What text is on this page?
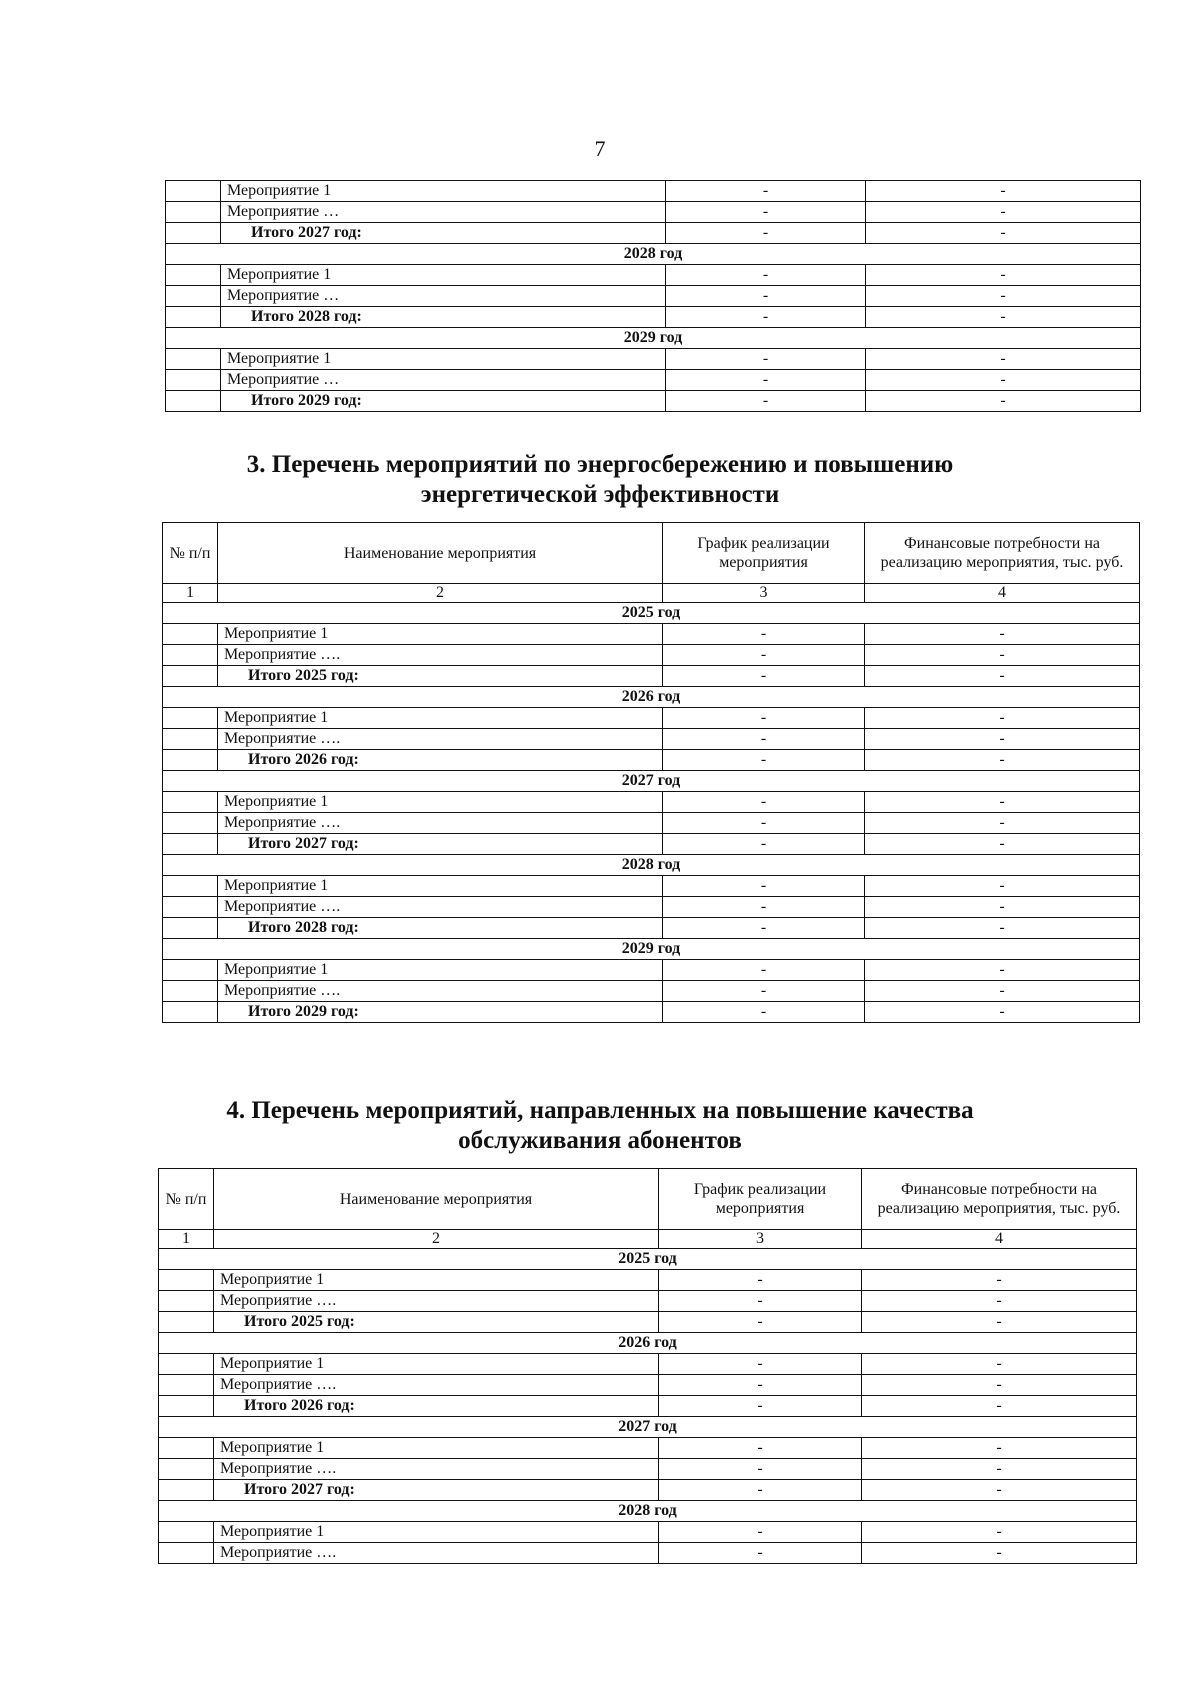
7
	Мероприятие 1	-	-
	Мероприятие …	-	-
	Итого 2027 год:	-	-
2028 год			
	Мероприятие 1	-	-
	Мероприятие …	-	-
	Итого 2028 год:	-	-
2029 год			
	Мероприятие 1	-	-
	Мероприятие …	-	-
	Итого 2029 год:	-	-
3. Перечень мероприятий по энергосбережению и повышению
энергетической эффективности
№ п/п	Наименование мероприятия	График реализации мероприятия	Финансовые потребности на реализацию мероприятия, тыс. руб.
1	2	3	4
2025 год			
	Мероприятие 1	-	-
	Мероприятие ….	-	-
	Итого 2025 год:	-	-
2026 год			
	Мероприятие 1	-	-
	Мероприятие ….	-	-
	Итого 2026 год:	-	-
2027 год			
	Мероприятие 1	-	-
	Мероприятие ….	-	-
	Итого 2027 год:	-	-
2028 год			
	Мероприятие 1	-	-
	Мероприятие ….	-	-
	Итого 2028 год:	-	-
2029 год			
	Мероприятие 1	-	-
	Мероприятие ….	-	-
	Итого 2029 год:	-	-
4. Перечень мероприятий, направленных на повышение качества
обслуживания абонентов
№ п/п	Наименование мероприятия	График реализации мероприятия	Финансовые потребности на реализацию мероприятия, тыс. руб.
1	2	3	4
2025 год			
	Мероприятие 1	-	-
	Мероприятие ….	-	-
	Итого 2025 год:	-	-
2026 год			
	Мероприятие 1	-	-
	Мероприятие ….	-	-
	Итого 2026 год:	-	-
2027 год			
	Мероприятие 1	-	-
	Мероприятие ….	-	-
	Итого 2027 год:	-	-
2028 год			
	Мероприятие 1	-	-
	Мероприятие ….	-	-
